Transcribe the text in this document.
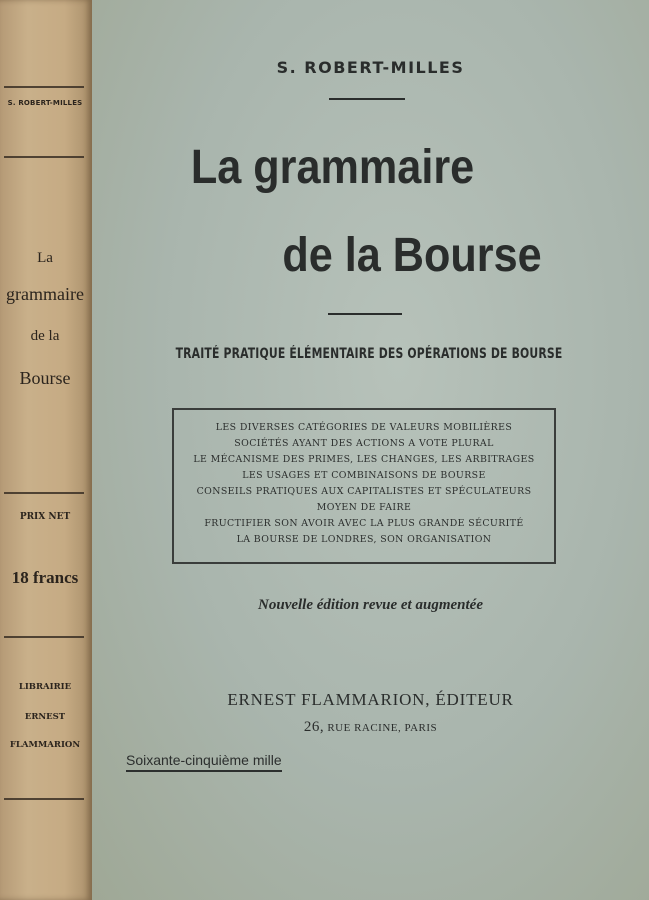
S. ROBERT-MILLES
La
grammaire
de la
Bourse
PRIX NET
18 francs
LIBRAIRIE
ERNEST
FLAMMARION
S. ROBERT-MILLES
La grammaire
de la Bourse
TRAITÉ PRATIQUE ÉLÉMENTAIRE DES OPÉRATIONS DE BOURSE
LES DIVERSES CATÉGORIES DE VALEURS MOBILIÈRES
SOCIÉTÉS AYANT DES ACTIONS A VOTE PLURAL
LE MÉCANISME DES PRIMES, LES CHANGES, LES ARBITRAGES
LES USAGES ET COMBINAISONS DE BOURSE
CONSEILS PRATIQUES AUX CAPITALISTES ET SPÉCULATEURS
MOYEN DE FAIRE
FRUCTIFIER SON AVOIR AVEC LA PLUS GRANDE SÉCURITÉ
LA BOURSE DE LONDRES, SON ORGANISATION
Nouvelle édition revue et augmentée
ERNEST FLAMMARION, ÉDITEUR
26, RUE RACINE, PARIS
Soixante-cinquième mille
